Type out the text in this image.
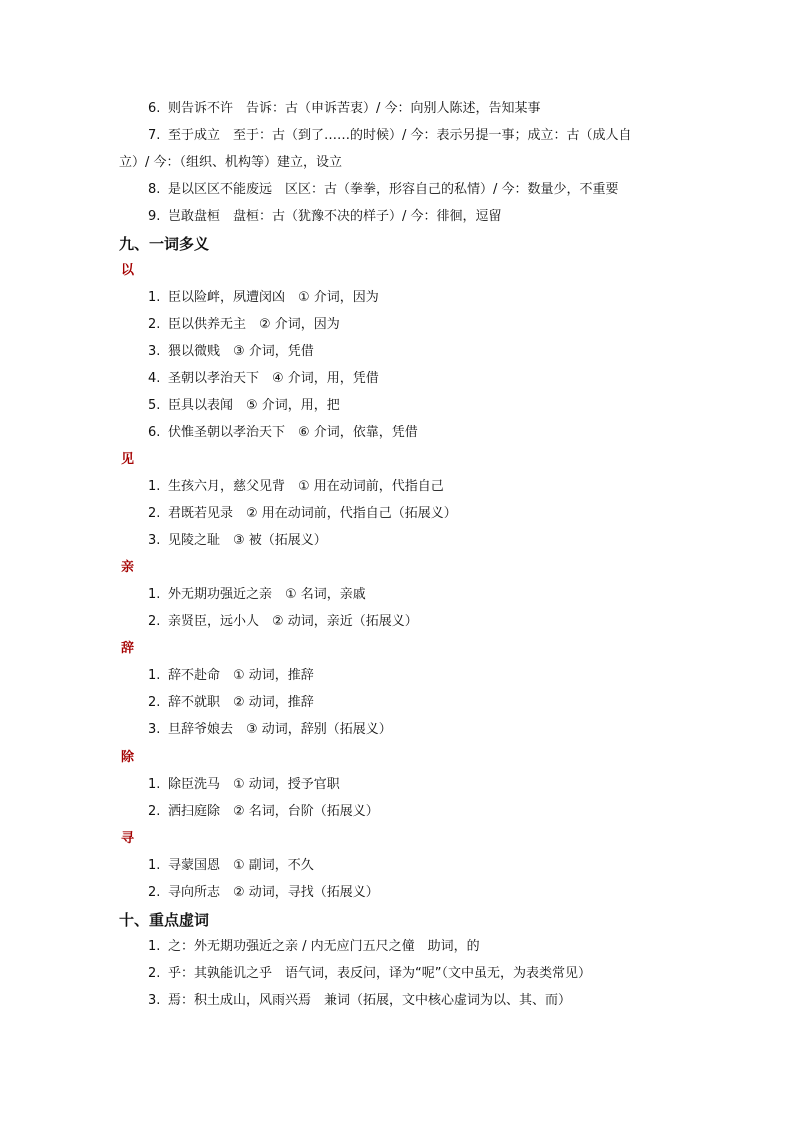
6. 则告诉不许　告诉：古（申诉苦衷）/ 今：向别人陈述，告知某事
7. 至于成立　至于：古（到了……的时候）/ 今：表示另提一事；成立：古（成人自
立）/ 今：（组织、机构等）建立，设立
8. 是以区区不能废远　区区：古（拳拳，形容自己的私情）/ 今：数量少，不重要
9. 岂敢盘桓　盘桓：古（犹豫不决的样子）/ 今：徘徊，逗留
九、一词多义
以
1. 臣以险衅，夙遭闵凶　① 介词，因为
2. 臣以供养无主　② 介词，因为
3. 猥以微贱　③ 介词，凭借
4. 圣朝以孝治天下　④ 介词，用，凭借
5. 臣具以表闻　⑤ 介词，用，把
6. 伏惟圣朝以孝治天下　⑥ 介词，依靠，凭借
见
1. 生孩六月，慈父见背　① 用在动词前，代指自己
2. 君既若见录　② 用在动词前，代指自己（拓展义）
3. 见陵之耻　③ 被（拓展义）
亲
1. 外无期功强近之亲　① 名词，亲戚
2. 亲贤臣，远小人　② 动词，亲近（拓展义）
辞
1. 辞不赴命　① 动词，推辞
2. 辞不就职　② 动词，推辞
3. 旦辞爷娘去　③ 动词，辞别（拓展义）
除
1. 除臣洗马　① 动词，授予官职
2. 洒扫庭除　② 名词，台阶（拓展义）
寻
1. 寻蒙国恩　① 副词，不久
2. 寻向所志　② 动词，寻找（拓展义）
十、重点虚词
1. 之：外无期功强近之亲 / 内无应门五尺之僮　助词，的
2. 乎：其孰能讥之乎　语气词，表反问，译为“呢”（文中虽无，为表类常见）
3. 焉：积土成山，风雨兴焉　兼词（拓展，文中核心虚词为以、其、而）
